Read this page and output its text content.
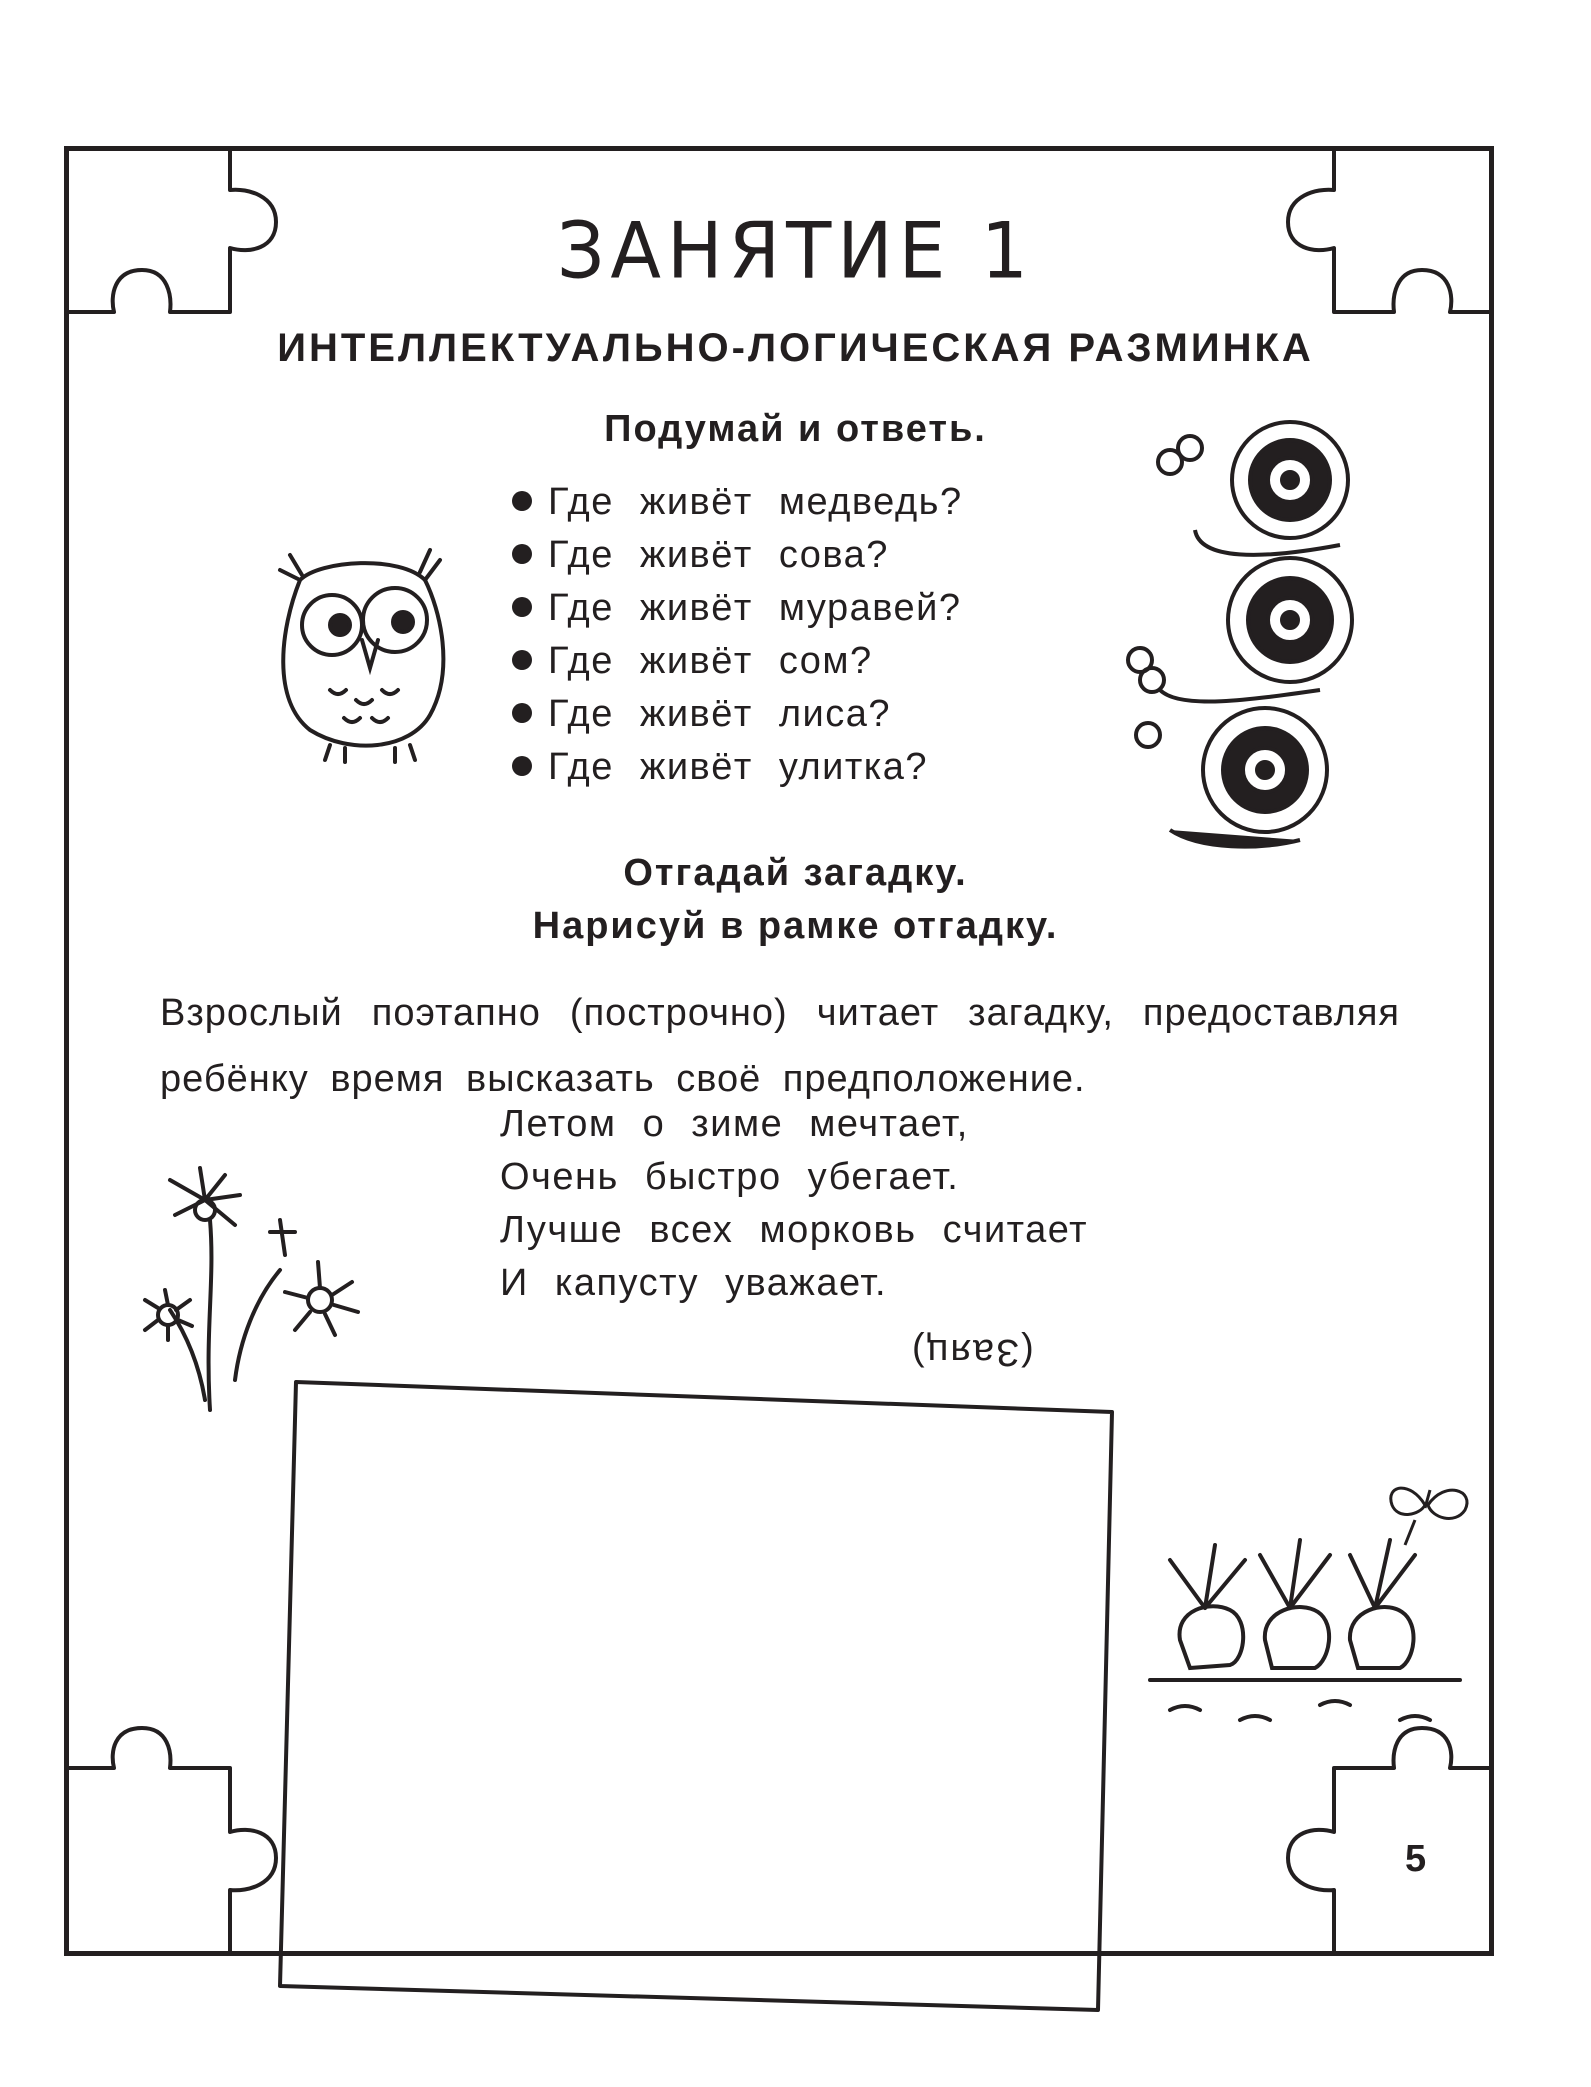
ЗАНЯТИЕ 1
ИНТЕЛЛЕКТУАЛЬНО-ЛОГИЧЕСКАЯ РАЗМИНКА
Подумай и ответь.
Где живёт медведь?
Где живёт сова?
Где живёт муравей?
Где живёт сом?
Где живёт лиса?
Где живёт улитка?
Отгадай загадку.
Нарисуй в рамке отгадку.
Взрослый поэтапно (построчно) читает загадку, предоставляя ребёнку время высказать своё предположение.
Летом о зиме мечтает,
Очень быстро убегает.
Лучше всех морковь считает
И капусту уважает.
(Заяц)
5
